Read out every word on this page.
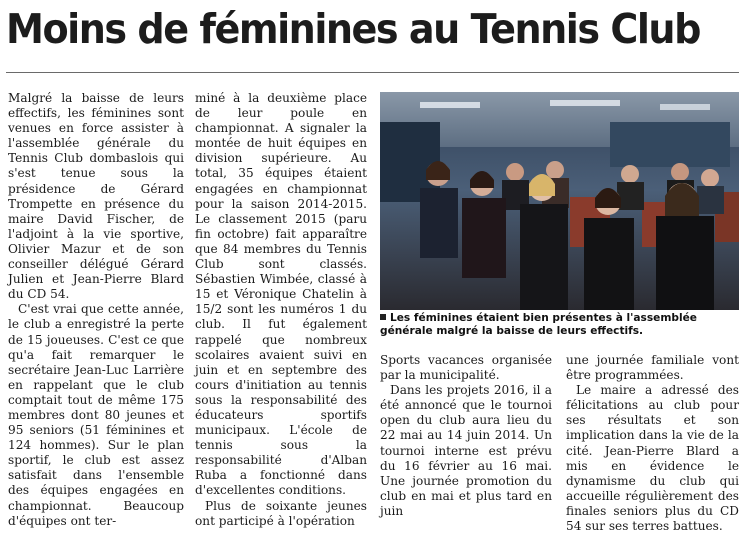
Moins de féminines au Tennis Club

Malgré la baisse de leurs effectifs, les féminines sont venues en force assister à l'assemblée générale du Tennis Club dombaslois qui s'est tenue sous la présidence de Gérard Trompette en présence du maire David Fischer, de l'adjoint à la vie sportive, Olivier Mazur et de son conseiller délégué Gérard Julien et Jean-Pierre Blard du CD 54.

C'est vrai que cette année, le club a enregistré la perte de 15 joueuses. C'est ce que qu'a fait remarquer le secrétaire Jean-Luc Larrière en rappelant que le club comptait tout de même 175 membres dont 80 jeunes et 95 seniors (51 féminines et 124 hommes). Sur le plan sportif, le club est assez satisfait dans l'ensemble des équipes engagées en championnat. Beaucoup d'équipes ont ter-

miné à la deuxième place de leur poule en championnat. A signaler la montée de huit équipes en division supérieure. Au total, 35 équipes étaient engagées en championnat pour la saison 2014-2015. Le classement 2015 (paru fin octobre) fait apparaître que 84 membres du Tennis Club sont classés. Sébastien Wimbée, classé à 15 et Véronique Chatelin à 15/2 sont les numéros 1 du club. Il fut également rappelé que nombreux scolaires avaient suivi en juin et en septembre des cours d'initiation au tennis sous la responsabilité des éducateurs sportifs municipaux. L'école de tennis sous la responsabilité d'Alban Ruba a fonctionné dans d'excellentes conditions.

Plus de soixante jeunes ont participé à l'opération

Les féminines étaient bien présentes à l'assemblée générale malgré la baisse de leurs effectifs.

Sports vacances organisée par la municipalité.

Dans les projets 2016, il a été annoncé que le tournoi open du club aura lieu du 22 mai au 14 juin 2014. Un tournoi interne est prévu du 16 février au 16 mai. Une journée promotion du club en mai et plus tard en juin

une journée familiale vont être programmées.

Le maire a adressé des félicitations au club pour ses résultats et son implication dans la vie de la cité. Jean-Pierre Blard a mis en évidence le dynamisme du club qui accueille régulièrement des finales seniors plus du CD 54 sur ses terres battues.
